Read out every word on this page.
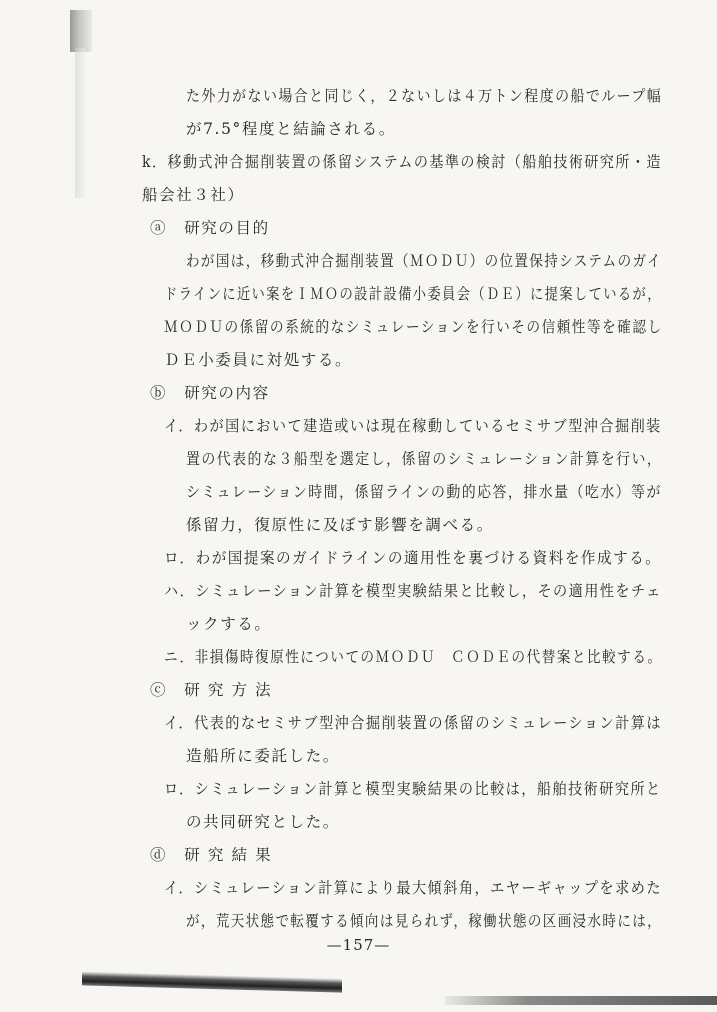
た外力がない場合と同じく，２ないしは４万トン程度の船でループ幅
が7.5°程度と結論される。
k．移動式沖合掘削装置の係留システムの基準の検討（船舶技術研究所・造
船会社３社）
ⓐ　研究の目的
わが国は，移動式沖合掘削装置（ＭＯＤＵ）の位置保持システムのガイ
ドラインに近い案をＩＭＯの設計設備小委員会（ＤＥ）に提案しているが，
ＭＯＤＵの係留の系統的なシミュレーションを行いその信頼性等を確認し
ＤＥ小委員に対処する。
ⓑ　研究の内容
イ．わが国において建造或いは現在稼動しているセミサブ型沖合掘削装
置の代表的な３船型を選定し，係留のシミュレーション計算を行い，
シミュレーション時間，係留ラインの動的応答，排水量（吃水）等が
係留力，復原性に及ぼす影響を調べる。
ロ．わが国提案のガイドラインの適用性を裏づける資料を作成する。
ハ．シミュレーション計算を模型実験結果と比較し，その適用性をチェ
ックする。
ニ．非損傷時復原性についてのＭＯＤＵ　ＣＯＤＥの代替案と比較する。
ⓒ　研 究 方 法
イ．代表的なセミサブ型沖合掘削装置の係留のシミュレーション計算は
造船所に委託した。
ロ．シミュレーション計算と模型実験結果の比較は，船舶技術研究所と
の共同研究とした。
ⓓ　研 究 結 果
イ．シミュレーション計算により最大傾斜角，エヤーギャップを求めた
が，荒天状態で転覆する傾向は見られず，稼働状態の区画浸水時には，
—157—
